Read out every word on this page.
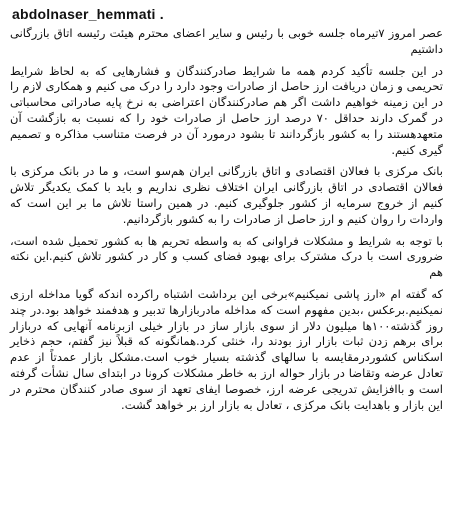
abdolnaser_hemmati .

عصر امروز ۷تیرماه جلسه خوبی با رئیس و سایر اعضای محترم هیئت رئیسه اتاق بازرگانی داشتیم

در این جلسه تأکید کردم همه ما شرایط صادرکنندگان و فشارهایی که به لحاظ شرایط تحریمی و زمان دریافت ارز حاصل از صادرات وجود دارد را درک می کنیم و همکاری لازم را در این زمینه خواهیم داشت اگر هم صادرکنندگان اعتراضی به نرخ پایه صادراتی محاسباتی در گمرک دارند حداقل ۷۰ درصد ارز حاصل از صادرات خود را که نسبت به بازگشت آن متعهدهستند را به کشور بازگردانند تا بشود درمورد آن در فرصت متناسب مذاکره و تصمیم گیری کنیم.

بانک مرکزی با فعالان اقتصادی و اتاق بازرگانی ایران هم‌سو است، و ما در بانک مرکزی با فعالان اقتصادی در اتاق بازرگانی ایران اختلاف نظری نداریم و باید با کمک یکدیگر تلاش کنیم از خروج سرمایه از کشور جلوگیری کنیم. در همین راستا تلاش ما بر این است که واردات را روان کنیم و ارز حاصل از صادرات را به کشور بازگردانیم.

با توجه به شرایط و مشکلات فراوانی که به واسطه تحریم ها به کشور تحمیل شده است، ضروری است با درک مشترک برای بهبود فضای کسب و کار در کشور تلاش کنیم.این نکته هم

که گفته ام «ارز پاشی نمیکنیم»برخی این برداشت اشتباه راکرده اندکه گویا مداخله ارزی نمیکنیم.برعکس ،بدین مفهوم است که مداخله مادربازارها تدبیر و هدفمند خواهد بود.در چند روز گذشته۱۰۰ها میلیون دلار از سوی بازار ساز در بازار خیلی ازبرنامه آنهایی که دربازار برای برهم زدن ثبات بازار ارز بودند را، خنثی کرد.همانگونه که قبلاً نیز گفتم، حجم ذخایر اسکناس کشوردرمقایسه با سالهای گذشته بسیار خوب است.مشکل بازار عمدتاً از عدم تعادل عرضه وتقاضا در بازار حواله ارز به خاطر مشکلات کرونا در ابتدای سال نشأت گرفته است و باافزایش تدریجی عرضه ارز، خصوصا ایفای تعهد از سوی صادر کنندگان محترم در این بازار و باهدایت بانک مرکزی ، تعادل به بازار ارز بر خواهد گشت.
